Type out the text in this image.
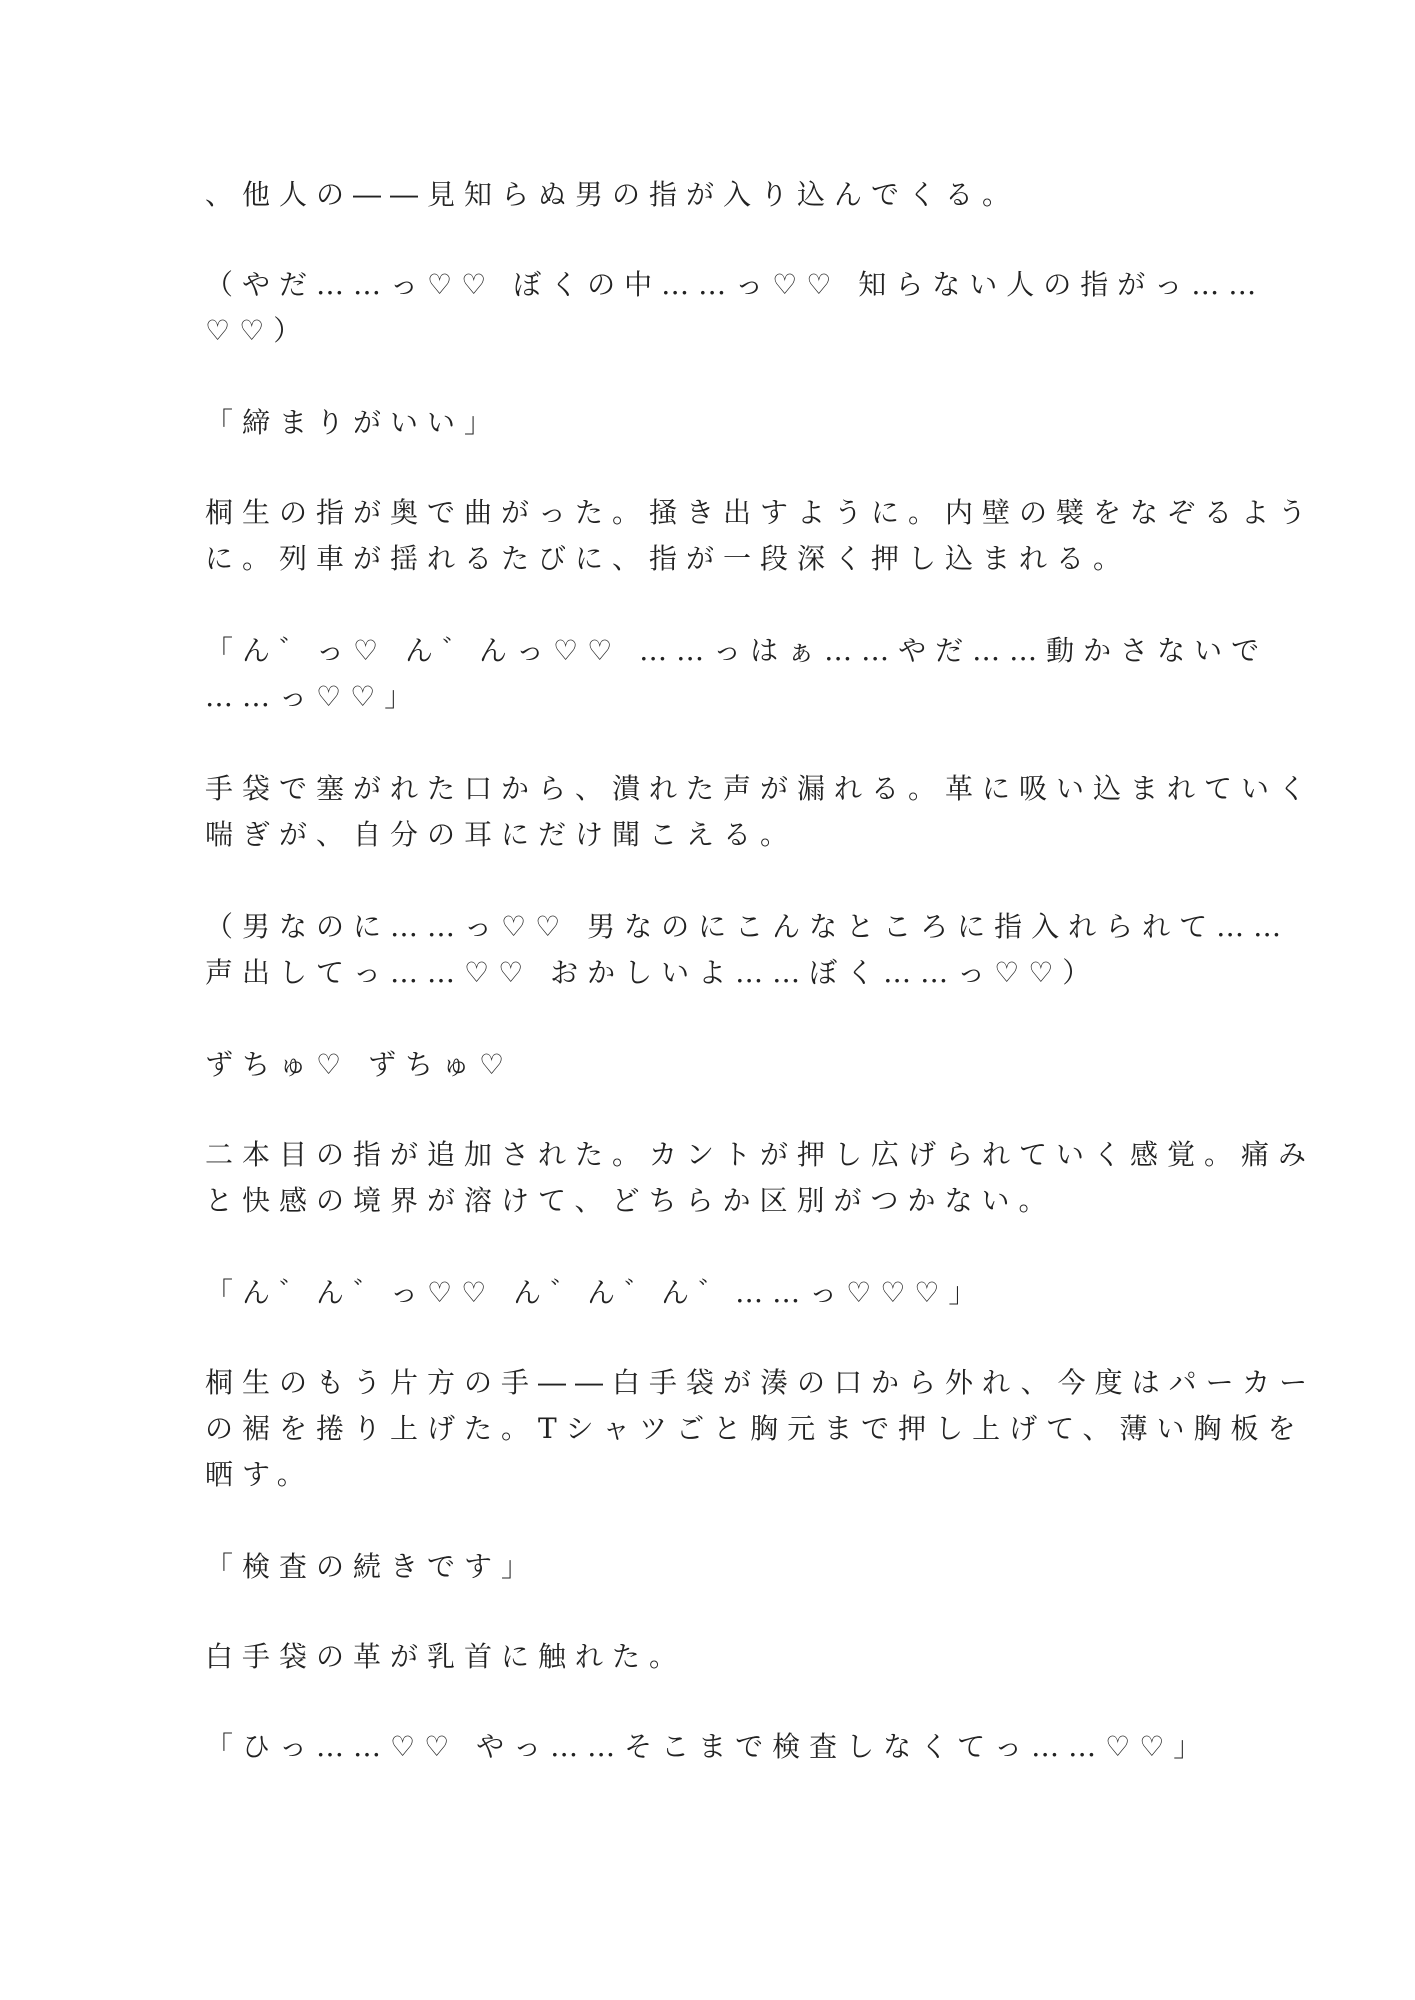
、他人の――見知らぬ男の指が入り込んでくる。
（やだ……っ♡♡ ぼくの中……っ♡♡ 知らない人の指がっ……
♡♡）
「締まりがいい」
桐生の指が奥で曲がった。掻き出すように。内壁の襞をなぞるよう
に。列車が揺れるたびに、指が一段深く押し込まれる。
「ん゛っ♡ ん゛んっ♡♡ ……っはぁ……やだ……動かさないで
……っ♡♡」
手袋で塞がれた口から、潰れた声が漏れる。革に吸い込まれていく
喘ぎが、自分の耳にだけ聞こえる。
（男なのに……っ♡♡ 男なのにこんなところに指入れられて……
声出してっ……♡♡ おかしいよ……ぼく……っ♡♡）
ずちゅ♡ ずちゅ♡
二本目の指が追加された。カントが押し広げられていく感覚。痛み
と快感の境界が溶けて、どちらか区別がつかない。
「ん゛ん゛っ♡♡ ん゛ん゛ん゛……っ♡♡♡」
桐生のもう片方の手――白手袋が湊の口から外れ、今度はパーカー
の裾を捲り上げた。Tシャツごと胸元まで押し上げて、薄い胸板を
晒す。
「検査の続きです」
白手袋の革が乳首に触れた。
「ひっ……♡♡ やっ……そこまで検査しなくてっ……♡♡」
